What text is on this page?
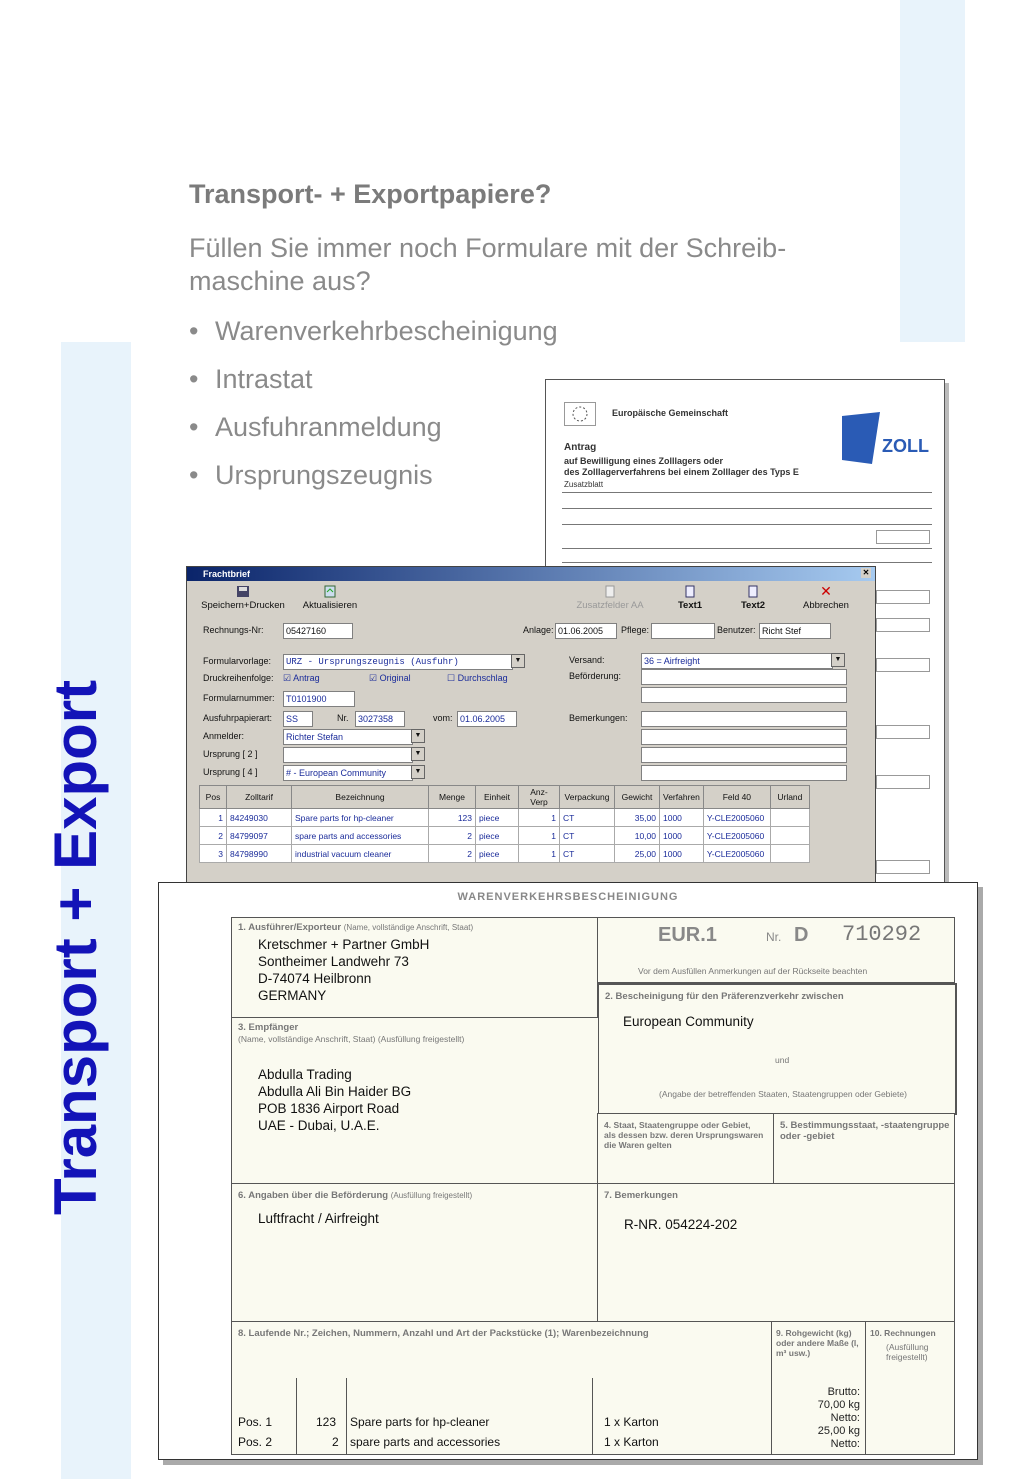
Transport + Export
Transport- + Exportpapiere?
Füllen Sie immer noch Formulare mit der Schreib- maschine aus?
• Warenverkehrbescheinigung
• Intrastat
• Ausfuhranmeldung
• Ursprungszeugnis
Europäische Gemeinschaft
Antrag
auf Bewilligung eines Zolllagers oder
des Zolllagerverfahrens bei einem Zolllager des Typs E
Zusatzblatt
ZOLL
Frachtbrief	✕
Speichern+Drucken	Aktualisieren	Zusatzfelder AA	Text1	Text2
✕
Abbrechen
Rechnungs-Nr:	05427160	Anlage: 01.06.2005	Pflege:	Benutzer: Richt Stef
Formularvorlage:	URZ - Ursprungszeugnis (Ausfuhr)	▼
Druckreihenfolge: ☑ Antrag	☑ Original	☐ Durchschlag
Formularnummer:	T0101900
Ausfuhrpapierart:	SS	Nr.	3027358	vom: 01.06.2005
Anmelder:	Richter Stefan	▼
Ursprung [ 2 ]	▼
Ursprung [ 4 ]	# - European Community	▼
Versand:	36 = Airfreight	▼
Beförderung:
Bemerkungen:
Pos	Zolltarif	Bezeichnung	Menge	Einheit	Anz-Verp	Verpackung	Gewicht	Verfahren	Feld 40	Urland
1	84249030	Spare parts for hp-cleaner	123	piece	1	CT	35,00	1000	Y-CLE2005060	
2	84799097	spare parts and accessories	2	piece	1	CT	10,00	1000	Y-CLE2005060	
3	84798990	industrial vacuum cleaner	2	piece	1	CT	25,00	1000	Y-CLE2005060	
WARENVERKEHRSBESCHEINIGUNG
1. Ausführer/Exporteur (Name, vollständige Anschrift, Staat)
Kretschmer + Partner GmbH
Sontheimer Landwehr 73
D-74074 Heilbronn
GERMANY
EUR.1	Nr. D 710292
Vor dem Ausfüllen Anmerkungen auf der Rückseite beachten
2. Bescheinigung für den Präferenzverkehr zwischen
European Community
und
(Angabe der betreffenden Staaten, Staatengruppen oder Gebiete)
3. Empfänger
(Name, vollständige Anschrift, Staat) (Ausfüllung freigestellt)
Abdulla Trading
Abdulla Ali Bin Haider BG
POB 1836 Airport Road
UAE - Dubai, U.A.E.	4. Staat, Staatengruppe oder Gebiet, als dessen bzw. deren Ursprungswaren die Waren gelten
5. Bestimmungsstaat, -staatengruppe oder -gebiet
6. Angaben über die Beförderung (Ausfüllung freigestellt)
Luftfracht / Airfreight
7. Bemerkungen
R-NR. 054224-202
8. Laufende Nr.; Zeichen, Nummern, Anzahl und Art der Packstücke (1); Warenbezeichnung
Pos. 1	123 Spare parts for hp-cleaner	1 x Karton
Pos. 2	2 spare parts and accessories	1 x Karton
9. Rohgewicht (kg) oder andere Maße (l, m³ usw.)
Brutto:
70,00 kg
Netto:
25,00 kg
Netto:
10. Rechnungen
(Ausfüllung freigestellt)
